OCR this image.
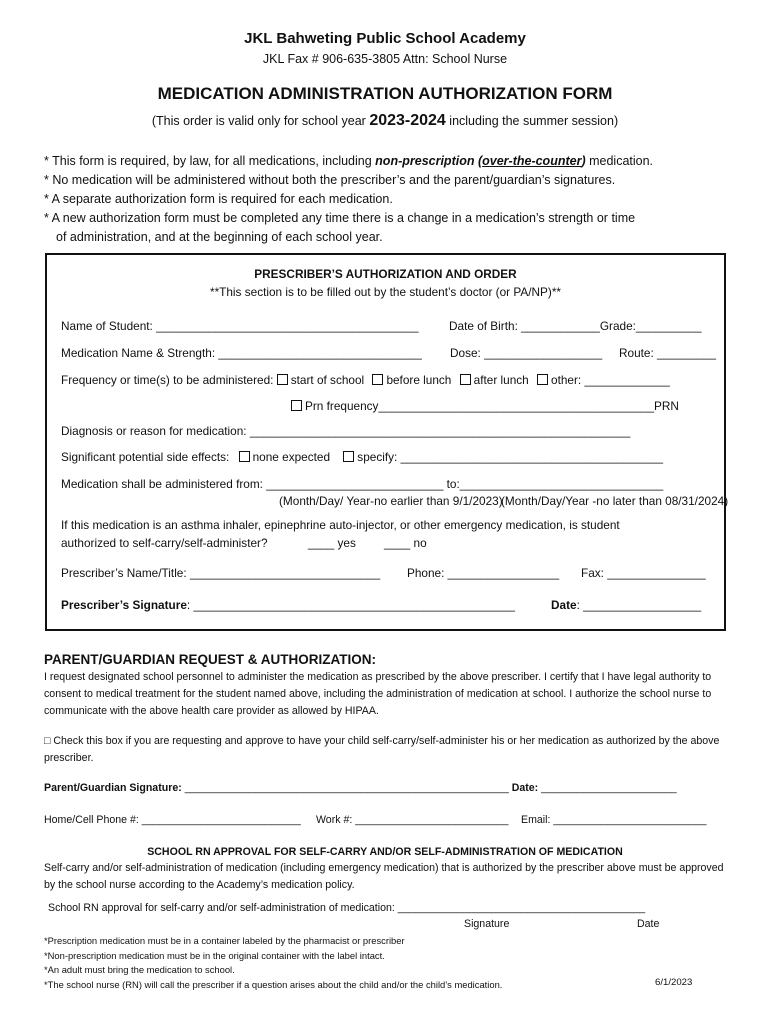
JKL Bahweting Public School Academy
JKL Fax # 906-635-3805 Attn: School Nurse
MEDICATION ADMINISTRATION AUTHORIZATION FORM
(This order is valid only for school year 2023-2024 including the summer session)
* This form is required, by law, for all medications, including non-prescription (over-the-counter) medication.
* No medication will be administered without both the prescriber’s and the parent/guardian’s signatures.
* A separate authorization form is required for each medication.
* A new authorization form must be completed any time there is a change in a medication’s strength or time
of administration, and at the beginning of each school year.
PRESCRIBER’S AUTHORIZATION AND ORDER
**This section is to be filled out by the student’s doctor (or PA/NP)**
Name of Student: ________________________________________	Date of Birth: ____________Grade:__________
Medication Name & Strength: _______________________________ Dose: __________________ Route: _________
Frequency or time(s) to be administered: start of school before lunch after lunch other: _____________
Prn frequency__________________________________________PRN
Diagnosis or reason for medication: __________________________________________________________
Significant potential side effects: none expected specify: ________________________________________
Medication shall be administered from: ___________________________ to:_______________________________
(Month/Day/ Year-no earlier than 9/1/2023)
(Month/Day/Year -no later than 08/31/2024)
If this medication is an asthma inhaler, epinephrine auto-injector, or other emergency medication, is student
authorized to self-carry/self-administer?	____ yes ____ no
Prescriber’s Name/Title: _____________________________ Phone: _________________ Fax: _______________
Prescriber’s Signature: _________________________________________________	Date: __________________
PARENT/GUARDIAN REQUEST & AUTHORIZATION:
I request designated school personnel to administer the medication as prescribed by the above prescriber. I certify that I have legal authority to consent to medical treatment for the student named above, including the administration of medication at school. I authorize the school nurse to communicate with the above health care provider as allowed by HIPAA.
□ Check this box if you are requesting and approve to have your child self-carry/self-administer his or her medication as authorized by the above prescriber.
Parent/Guardian Signature: _______________________________________________________ Date: _______________________
Home/Cell Phone #: ___________________________ Work #: __________________________ Email: __________________________
SCHOOL RN APPROVAL FOR SELF-CARRY AND/OR SELF-ADMINISTRATION OF MEDICATION
Self-carry and/or self-administration of medication (including emergency medication) that is authorized by the prescriber above must be approved by the school nurse according to the Academy’s medication policy.
School RN approval for self-carry and/or self-administration of medication: __________________________________________
Signature	Date
*Prescription medication must be in a container labeled by the pharmacist or prescriber
*Non-prescription medication must be in the original container with the label intact.
*An adult must bring the medication to school.
*The school nurse (RN) will call the prescriber if a question arises about the child and/or the child’s medication.	6/1/2023
